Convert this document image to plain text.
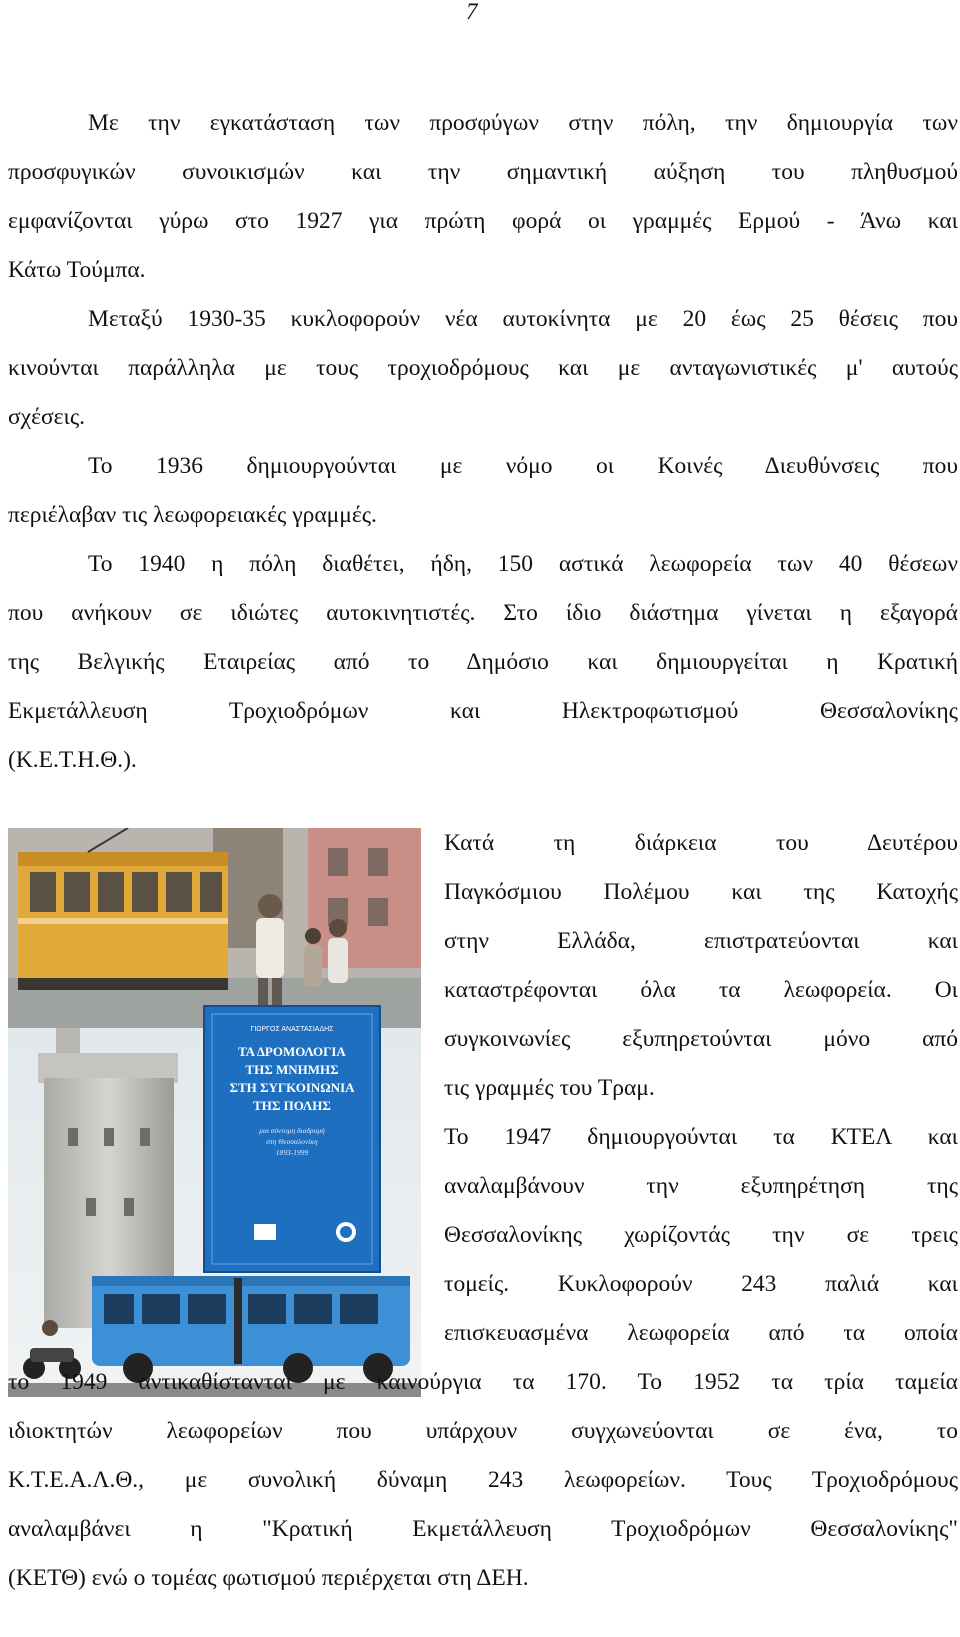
7
Με την εγκατάσταση των προσφύγων στην πόλη, την δημιουργία των
προσφυγικών συνοικισμών και την σημαντική αύξηση του πληθυσμού
εμφανίζονται γύρω στο 1927 για πρώτη φορά οι γραμμές Ερμού - Άνω και
Κάτω Τούμπα.
Μεταξύ 1930-35 κυκλοφορούν νέα αυτοκίνητα με 20 έως 25 θέσεις που
κινούνται παράλληλα με τους τροχιοδρόμους και με ανταγωνιστικές μ' αυτούς
σχέσεις.
Το 1936 δημιουργούνται με νόμο οι Κοινές Διευθύνσεις που
περιέλαβαν τις λεωφορειακές γραμμές.
Το 1940 η πόλη διαθέτει, ήδη, 150 αστικά λεωφορεία των 40 θέσεων
που ανήκουν σε ιδιώτες αυτοκινητιστές. Στο ίδιο διάστημα γίνεται η εξαγορά
της Βελγικής Εταιρείας από το Δημόσιο και δημιουργείται η Κρατική
Εκμετάλλευση Τροχιοδρόμων και Ηλεκτροφωτισμού Θεσσαλονίκης
(Κ.Ε.Τ.Η.Θ.).
ΓΙΩΡΓΟΣ ΑΝΑΣΤΑΣΙΑΔΗΣ
ΤΑ ΔΡΟΜΟΛΟΓΙΑ
ΤΗΣ ΜΝΗΜΗΣ
ΣΤΗ ΣΥΓΚΟΙΝΩΝΙΑ
ΤΗΣ ΠΟΛΗΣ
μια σύντομη διαδρομή
στη Θεσσαλονίκη
1893-1999
Κατά τη διάρκεια του Δευτέρου
Παγκόσμιου Πολέμου και της Κατοχής
στην Ελλάδα, επιστρατεύονται και
καταστρέφονται όλα τα λεωφορεία. Οι
συγκοινωνίες εξυπηρετούνται μόνο από
τις γραμμές του Τραμ.
Το 1947 δημιουργούνται τα ΚΤΕΛ και
αναλαμβάνουν την εξυπηρέτηση της
Θεσσαλονίκης χωρίζοντάς την σε τρεις
τομείς. Κυκλοφορούν 243 παλιά και
επισκευασμένα λεωφορεία από τα οποία
το 1949 αντικαθίστανται με καινούργια τα 170. Το 1952 τα τρία ταμεία
ιδιοκτητών λεωφορείων που υπάρχουν συγχωνεύονται σε ένα, το
Κ.Τ.Ε.Α.Λ.Θ., με συνολική δύναμη 243 λεωφορείων. Τους Τροχιοδρόμους
αναλαμβάνει η "Κρατική Εκμετάλλευση Τροχιοδρόμων Θεσσαλονίκης"
(ΚΕΤΘ) ενώ ο τομέας φωτισμού περιέρχεται στη ΔΕΗ.
